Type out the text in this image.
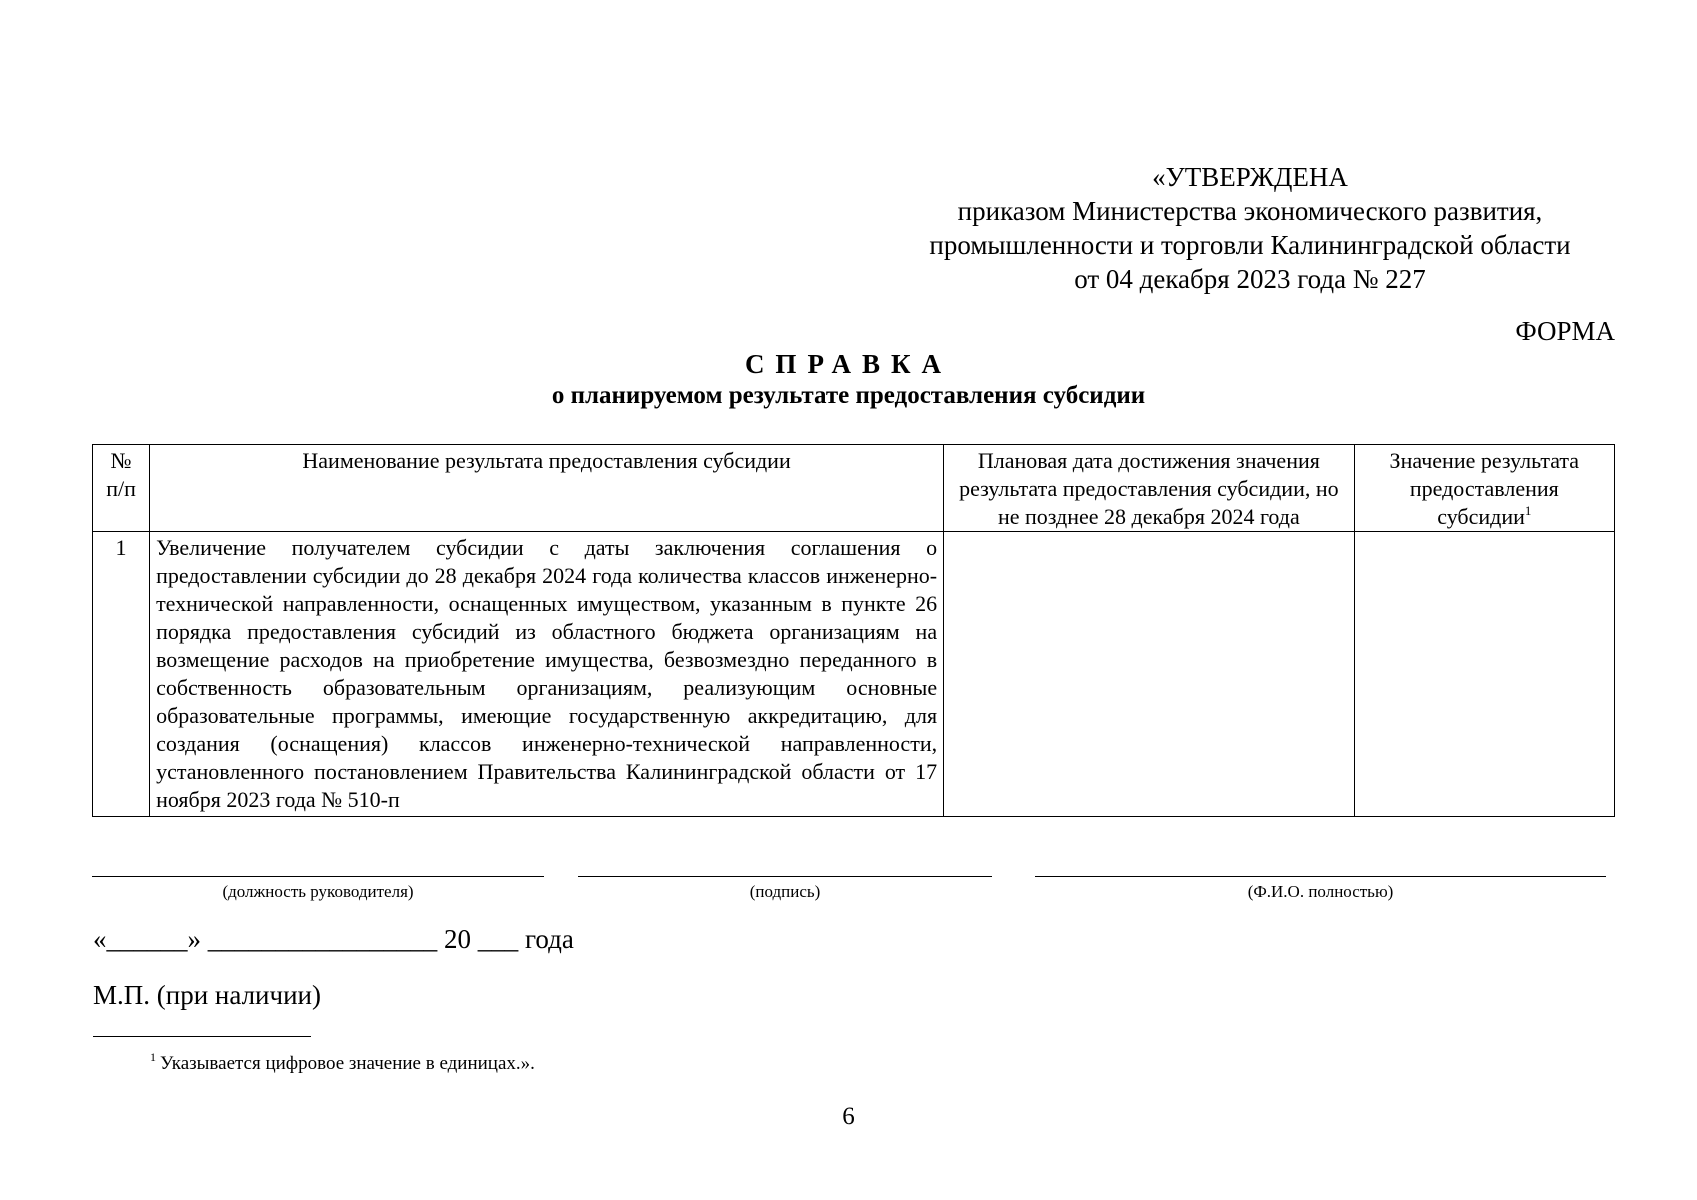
«УТВЕРЖДЕНА
приказом Министерства экономического развития,
промышленности и торговли Калининградской области
от 04 декабря 2023 года № 227
ФОРМА
СПРАВКА
о планируемом результате предоставления субсидии
№ п/п	Наименование результата предоставления субсидии	Плановая дата достижения значения результата предоставления субсидии, но не позднее 28 декабря 2024 года	Значение результата предоставления субсидии$^1$
1	Увеличение получателем субсидии с даты заключения соглашения о предоставлении субсидии до 28 декабря 2024 года количества классов инженерно-технической направленности, оснащенных имуществом, указанным в пункте 26 порядка предоставления субсидий из областного бюджета организациям на возмещение расходов на приобретение имущества, безвозмездно переданного в собственность образовательным организациям, реализующим основные образовательные программы, имеющие государственную аккредитацию, для создания (оснащения) классов инженерно-технической направленности, установленного постановлением Правительства Калининградской области от 17 ноября 2023 года № 510-п		
(должность руководителя)	(подпись)	(Ф.И.О. полностью)
«______» _________________ 20 ___ года
М.П. (при наличии)
$^1$ Указывается цифровое значение в единицах.».
6
